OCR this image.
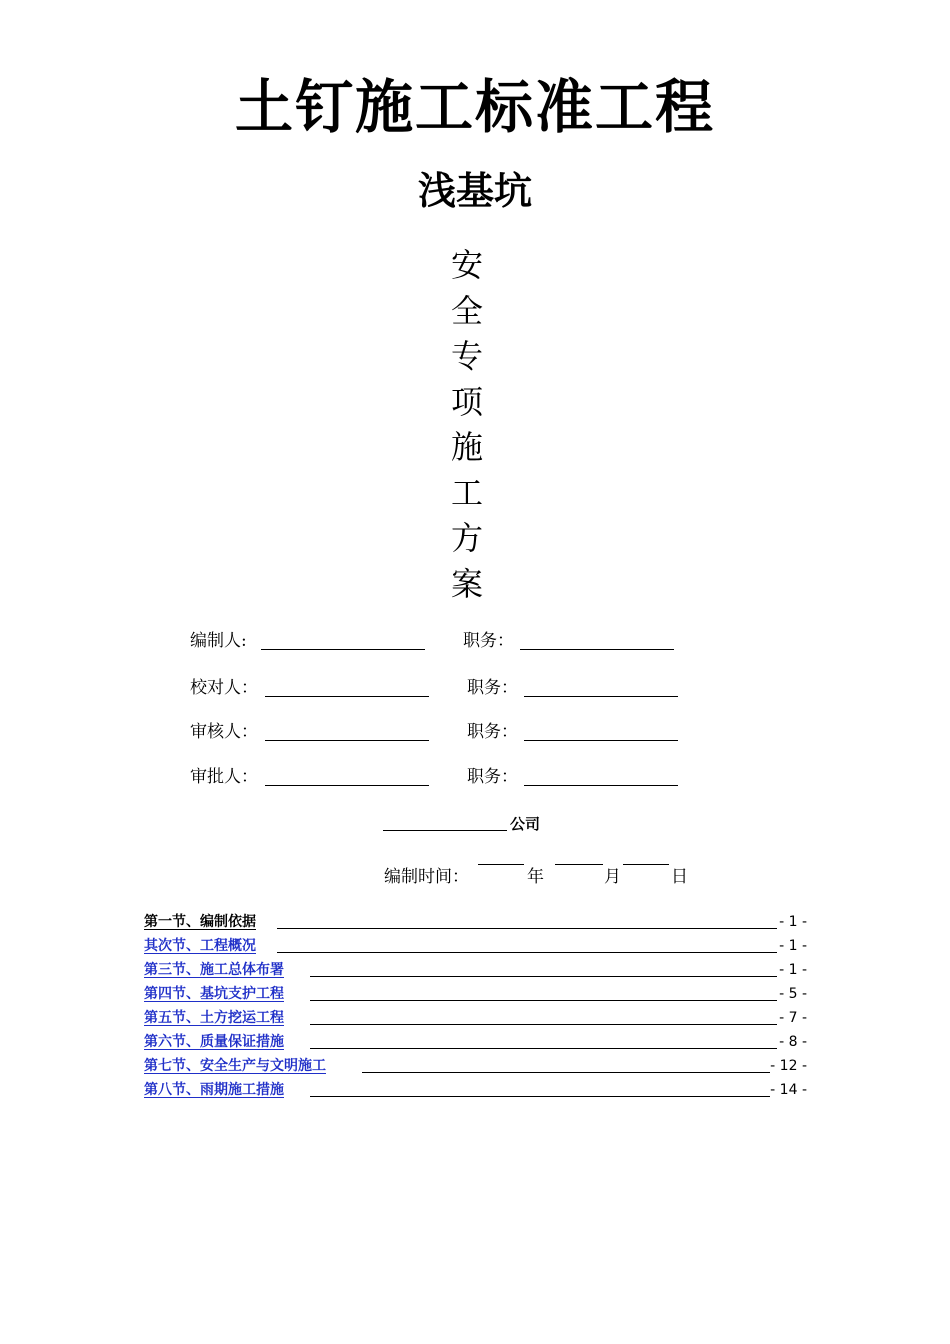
土钉施工标准工程
浅基坑
安
全
专
项
施
工
方
案
编制人:	职务：
校对人：	职务：
审核人：	职务：
审批人：	职务：
公司
编制时间：	年	月	日
第一节、编制依据	- 1 -
其次节、工程概况	- 1 -
第三节、施工总体布署	- 1 -
第四节、基坑支护工程	- 5 -
第五节、土方挖运工程	- 7 -
第六节、质量保证措施	- 8 -
第七节、安全生产与文明施工	- 12 -
第八节、雨期施工措施	- 14 -
